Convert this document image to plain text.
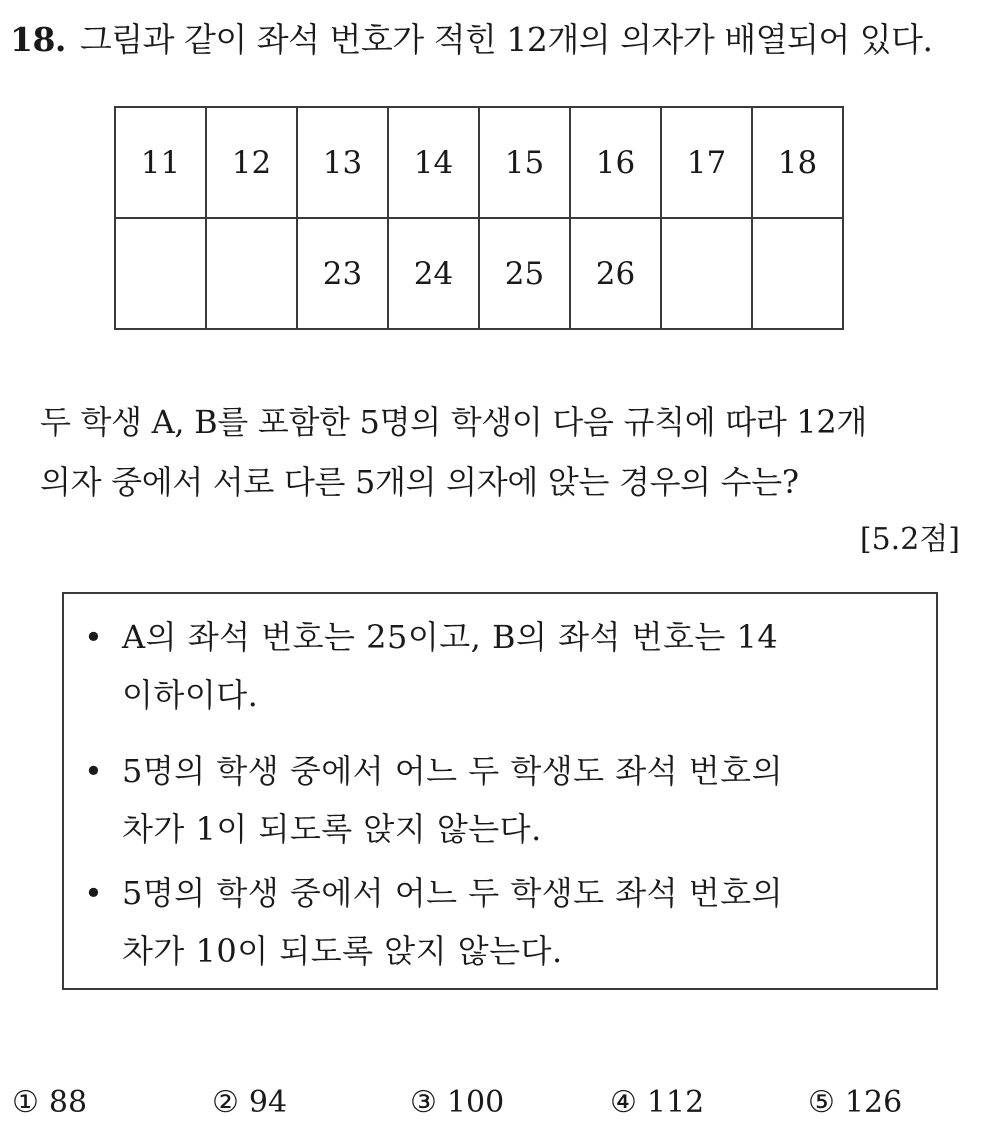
18. 그림과 같이 좌석 번호가 적힌 12개의 의자가 배열되어 있다.
11	12	13	14	15	16	17	18
		23	24	25	26		
두 학생 A, B를 포함한 5명의 학생이 다음 규칙에 따라 12개
의자 중에서 서로 다른 5개의 의자에 앉는 경우의 수는?
[5.2점]
• A의 좌석 번호는 25이고, B의 좌석 번호는 14
이하이다.
• 5명의 학생 중에서 어느 두 학생도 좌석 번호의
차가 1이 되도록 앉지 않는다.
• 5명의 학생 중에서 어느 두 학생도 좌석 번호의
차가 10이 되도록 앉지 않는다.
① 88	② 94	③ 100	④ 112	⑤ 126
